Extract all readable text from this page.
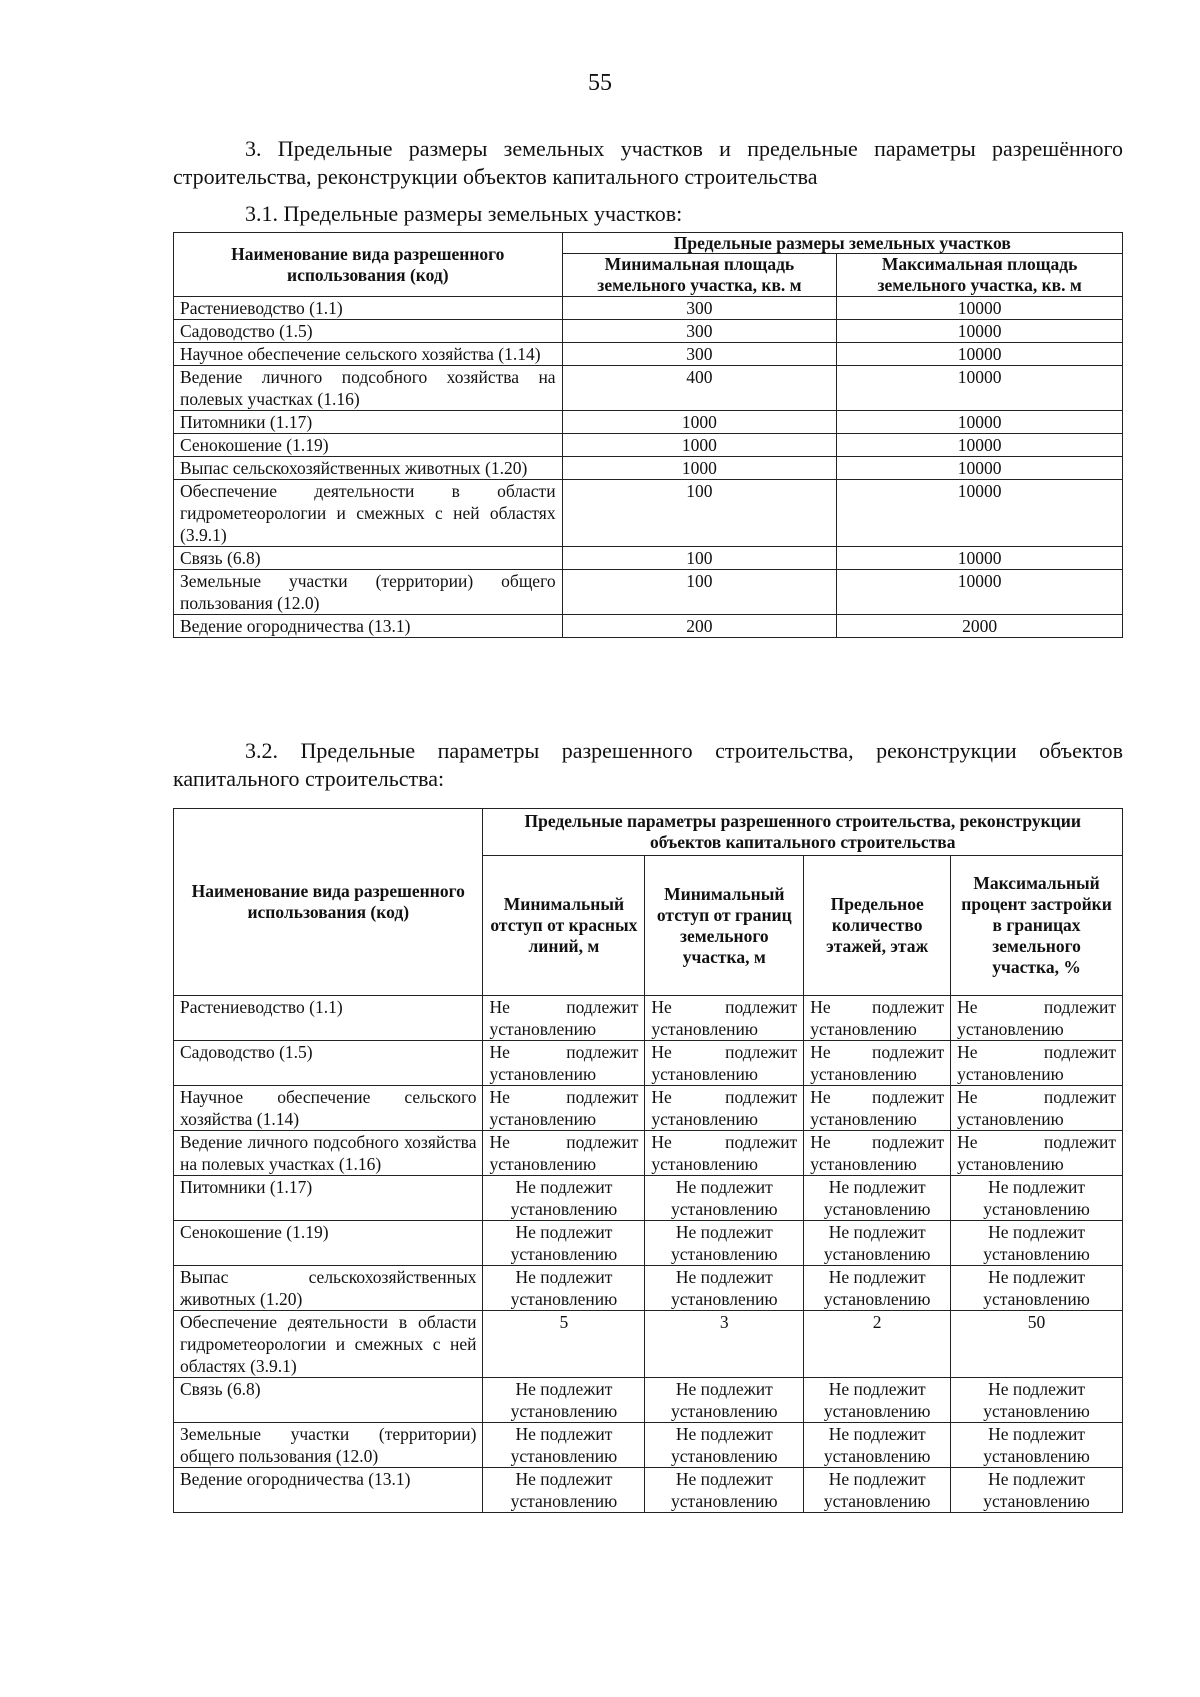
55
3. Предельные размеры земельных участков и предельные параметры разрешённого строительства, реконструкции объектов капитального строительства
3.1. Предельные размеры земельных участков:
Наименование вида разрешенного использования (код)	Предельные размеры земельных участков	
	Минимальная площадь земельного участка, кв. м	Максимальная площадь земельного участка, кв. м
Растениеводство (1.1)	300	10000
Садоводство (1.5)	300	10000
Научное обеспечение сельского хозяйства (1.14)	300	10000
Ведение личного подсобного хозяйства на полевых участках (1.16)	400	10000
Питомники (1.17)	1000	10000
Сенокошение (1.19)	1000	10000
Выпас сельскохозяйственных животных (1.20)	1000	10000
Обеспечение деятельности в области гидрометеорологии и смежных с ней областях (3.9.1)	100	10000
Связь (6.8)	100	10000
Земельные участки (территории) общего пользования (12.0)	100	10000
Ведение огородничества (13.1)	200	2000
3.2. Предельные параметры разрешенного строительства, реконструкции объектов капитального строительства:
Наименование вида разрешенного использования (код)	Предельные параметры разрешенного строительства, реконструкции объектов капитального строительства			
	Минимальный отступ от красных линий, м	Минимальный отступ от границ земельного участка, м	Предельное количество этажей, этаж	Максимальный процент застройки в границах земельного участка, %
Растениеводство (1.1)	Не подлежит установлению	Не подлежит установлению	Не подлежит установлению	Не подлежит установлению
Садоводство (1.5)	Не подлежит установлению	Не подлежит установлению	Не подлежит установлению	Не подлежит установлению
Научное обеспечение сельского хозяйства (1.14)	Не подлежит установлению	Не подлежит установлению	Не подлежит установлению	Не подлежит установлению
Ведение личного подсобного хозяйства на полевых участках (1.16)	Не подлежит установлению	Не подлежит установлению	Не подлежит установлению	Не подлежит установлению
Питомники (1.17)	Не подлежит установлению	Не подлежит установлению	Не подлежит установлению	Не подлежит установлению
Сенокошение (1.19)	Не подлежит установлению	Не подлежит установлению	Не подлежит установлению	Не подлежит установлению
Выпас сельскохозяйственных животных (1.20)	Не подлежит установлению	Не подлежит установлению	Не подлежит установлению	Не подлежит установлению
Обеспечение деятельности в области гидрометеорологии и смежных с ней областях (3.9.1)	5	3	2	50
Связь (6.8)	Не подлежит установлению	Не подлежит установлению	Не подлежит установлению	Не подлежит установлению
Земельные участки (территории) общего пользования (12.0)	Не подлежит установлению	Не подлежит установлению	Не подлежит установлению	Не подлежит установлению
Ведение огородничества (13.1)	Не подлежит установлению	Не подлежит установлению	Не подлежит установлению	Не подлежит установлению
